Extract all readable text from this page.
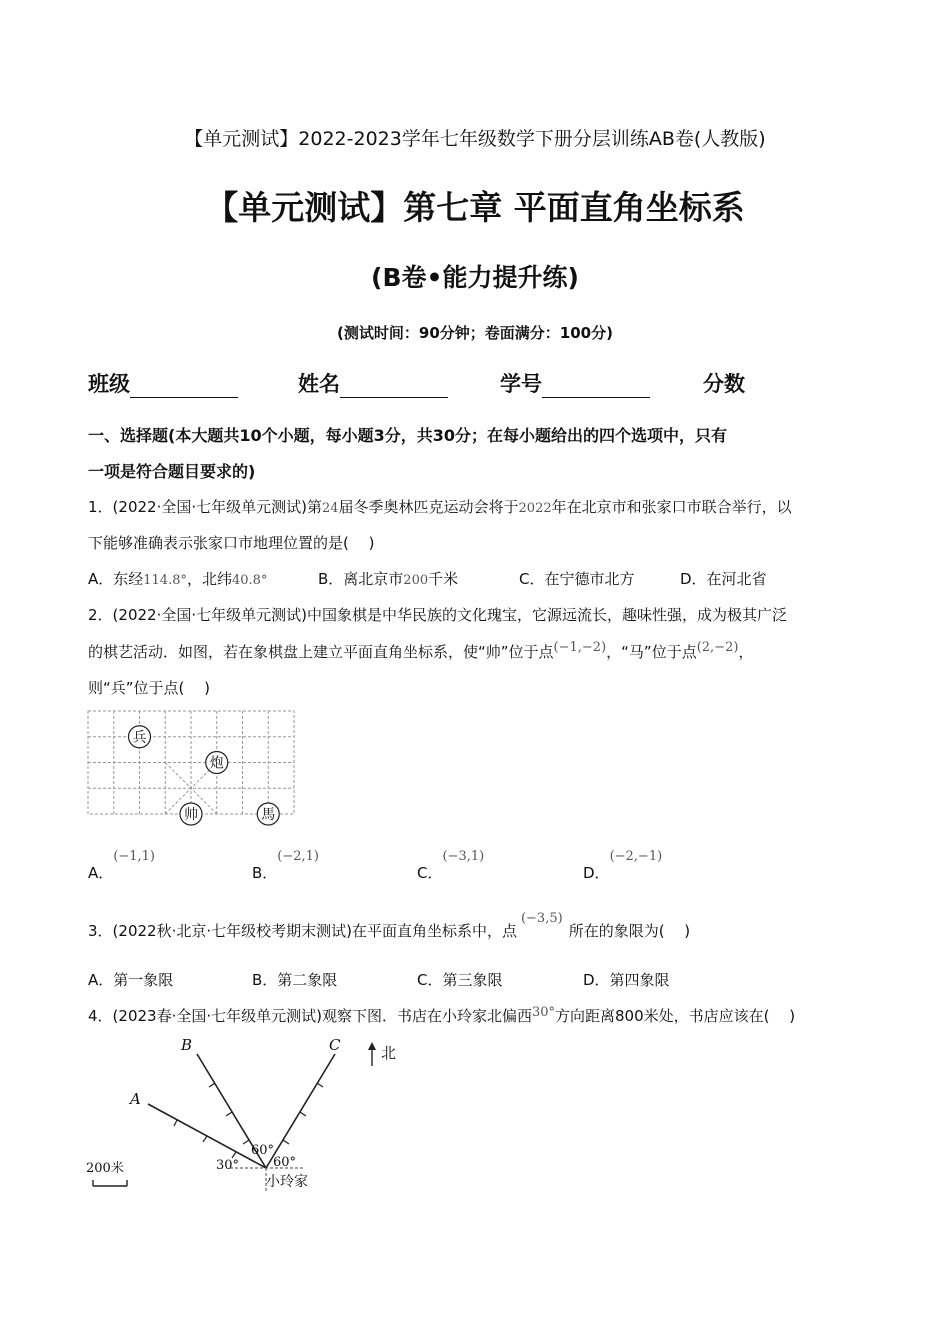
【单元测试】2022-2023学年七年级数学下册分层训练AB卷(人教版)
【单元测试】第七章 平面直角坐标系
(B卷•能力提升练)
(测试时间：90分钟；卷面满分：100分)
班级	姓名	学号	分数
一、选择题(本大题共10个小题，每小题3分，共30分；在每小题给出的四个选项中，只有
一项是符合题目要求的)
1．(2022·全国·七年级单元测试)第24届冬季奥林匹克运动会将于2022年在北京市和张家口市联合举行，以
下能够准确表示张家口市地理位置的是(　 )
A．东经114.8°，北纬40.8°	B．离北京市200千米	C．在宁德市北方	D．在河北省
2．(2022·全国·七年级单元测试)中国象棋是中华民族的文化瑰宝，它源远流长，趣味性强，成为极其广泛
的棋艺活动．如图，若在象棋盘上建立平面直角坐标系，使“帅”位于点(−1,−2)，“马”位于点(2,−2)，
则“兵”位于点(　 )
兵
炮
帅	馬
A．(−1,1)
B．(−2,1)
C．(−3,1)
D．(−2,−1)
3．(2022秋·北京·七年级校考期末测试)在平面直角坐标系中，点(−3,5)所在的象限为(　 )
A．第一象限	B．第二象限	C．第三象限	D．第四象限
4．(2023春·全国·七年级单元测试)观察下图．书店在小玲家北偏西30°方向距离800米处，书店应该在(　 )
北
A
B	C
60°
30°	60°
小玲家
200米
